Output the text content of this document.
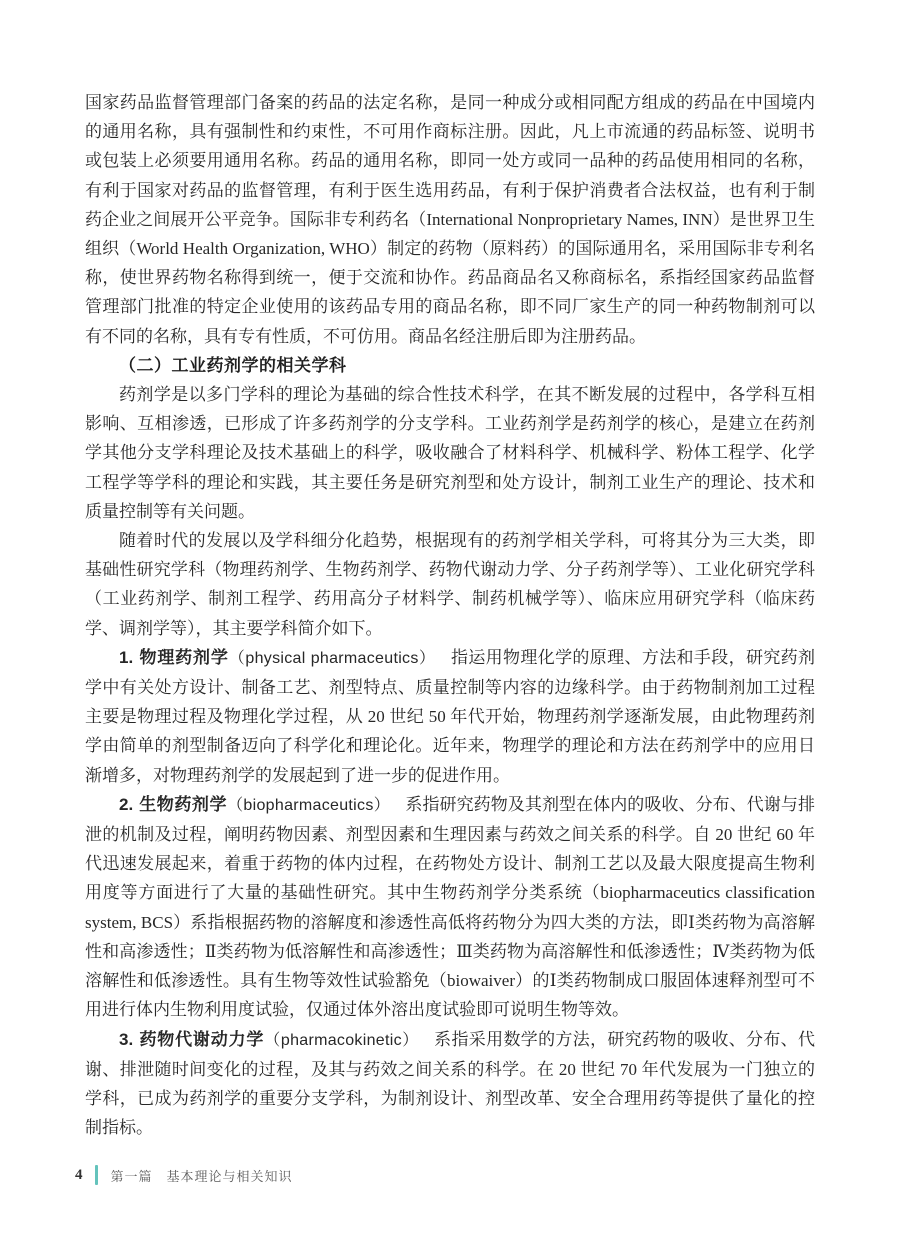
国家药品监督管理部门备案的药品的法定名称，是同一种成分或相同配方组成的药品在中国境内的通用名称，具有强制性和约束性，不可用作商标注册。因此，凡上市流通的药品标签、说明书或包装上必须要用通用名称。药品的通用名称，即同一处方或同一品种的药品使用相同的名称，有利于国家对药品的监督管理，有利于医生选用药品，有利于保护消费者合法权益，也有利于制药企业之间展开公平竞争。国际非专利药名（International Nonproprietary Names, INN）是世界卫生组织（World Health Organization, WHO）制定的药物（原料药）的国际通用名，采用国际非专利名称，使世界药物名称得到统一，便于交流和协作。药品商品名又称商标名，系指经国家药品监督管理部门批准的特定企业使用的该药品专用的商品名称，即不同厂家生产的同一种药物制剂可以有不同的名称，具有专有性质，不可仿用。商品名经注册后即为注册药品。

（二）工业药剂学的相关学科

药剂学是以多门学科的理论为基础的综合性技术科学，在其不断发展的过程中，各学科互相影响、互相渗透，已形成了许多药剂学的分支学科。工业药剂学是药剂学的核心，是建立在药剂学其他分支学科理论及技术基础上的科学，吸收融合了材料科学、机械科学、粉体工程学、化学工程学等学科的理论和实践，其主要任务是研究剂型和处方设计，制剂工业生产的理论、技术和质量控制等有关问题。

随着时代的发展以及学科细分化趋势，根据现有的药剂学相关学科，可将其分为三大类，即基础性研究学科（物理药剂学、生物药剂学、药物代谢动力学、分子药剂学等）、工业化研究学科（工业药剂学、制剂工程学、药用高分子材料学、制药机械学等）、临床应用研究学科（临床药学、调剂学等），其主要学科简介如下。

1. 物理药剂学（physical pharmaceutics） 指运用物理化学的原理、方法和手段，研究药剂学中有关处方设计、制备工艺、剂型特点、质量控制等内容的边缘科学。由于药物制剂加工过程主要是物理过程及物理化学过程，从 20 世纪 50 年代开始，物理药剂学逐渐发展，由此物理药剂学由简单的剂型制备迈向了科学化和理论化。近年来，物理学的理论和方法在药剂学中的应用日渐增多，对物理药剂学的发展起到了进一步的促进作用。

2. 生物药剂学（biopharmaceutics） 系指研究药物及其剂型在体内的吸收、分布、代谢与排泄的机制及过程，阐明药物因素、剂型因素和生理因素与药效之间关系的科学。自 20 世纪 60 年代迅速发展起来，着重于药物的体内过程，在药物处方设计、制剂工艺以及最大限度提高生物利用度等方面进行了大量的基础性研究。其中生物药剂学分类系统（biopharmaceutics classification system, BCS）系指根据药物的溶解度和渗透性高低将药物分为四大类的方法，即Ⅰ类药物为高溶解性和高渗透性；Ⅱ类药物为低溶解性和高渗透性；Ⅲ类药物为高溶解性和低渗透性；Ⅳ类药物为低溶解性和低渗透性。具有生物等效性试验豁免（biowaiver）的Ⅰ类药物制成口服固体速释剂型可不用进行体内生物利用度试验，仅通过体外溶出度试验即可说明生物等效。

3. 药物代谢动力学（pharmacokinetic） 系指采用数学的方法，研究药物的吸收、分布、代谢、排泄随时间变化的过程，及其与药效之间关系的科学。在 20 世纪 70 年代发展为一门独立的学科，已成为药剂学的重要分支学科，为制剂设计、剂型改革、安全合理用药等提供了量化的控制指标。

4 第一篇　基本理论与相关知识
